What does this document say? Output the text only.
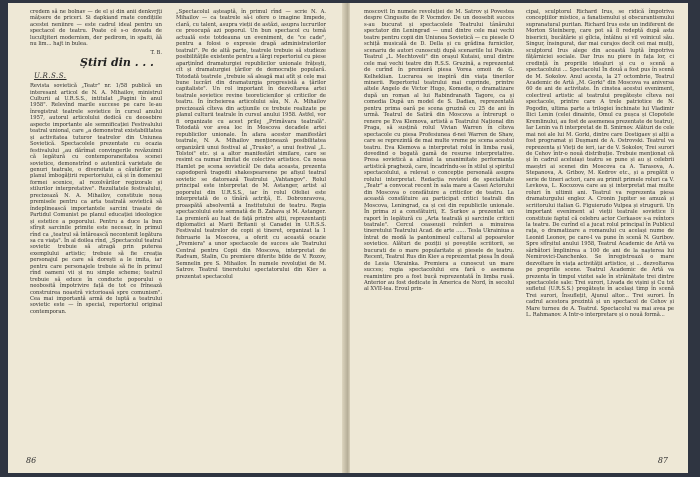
credem să ne bolnav — de el și din anii denkvrjți mâțsere de priceri. Si dapkiand rnate condițiile acestei neniinre — este cadrul ideal pentru un spectacol de teatru. Poate cê s-o dovada de lucultjiteri modernism, der pedirom, in spaiti, ăă nu lim... hajt in bulea.

T. B.
Știri din . . .
U.R.S.S.

Revista sovietică „Teatr" nr. 1/58 publică un interesant articol de N. A. Mihailov, ministrul Culturii al U.R.S.S., intitulat „Pagini în anul 1958". Relevînd marile succese pe care le-au înregistrat teatrele sovietice în cursul anului 1957, autorul articolului dedică cu deosebire aspecte importante ale semnificației Festivalului teatral unional, care „a demonstrat existabilitatea și activitatea tuturor teatrelor din Uniunea Sovietică. Spectacolele prezentate cu ocazia festivalului „au dărîmat convingerile revăzuimii că legătură cu contemporaneitatea scenei sovietice, demonstrînd o autentică varietate de genuri teatrale, o diversitate a căutărilor pe planul îmbogățirii repertoriului, că și în domeniul formei scenice, al rezolvărilor regizorale și stilurilor interpretative". Rezultatele festivalului, precizează N. A. Mihailov, constituie noua premisele pentru ca arta teatrală sovietică să îndeplinească importantele sarcini trasate de Partidul Comunist pe planul educației ideologice și estetice a poporului. Pentru a duce la bun sfîrșit sarcinile primite este necesar, în primul rînd ca „teatrul să întărească necontenit legătura sa cu viața". În al doilea rînd, „Spectacolul teatral sovietic trebuie să atragă prin puterea exemplului artistic; trebuie să fie creația personajul pe care să dorești a le imita, iar pentru care personajele trebuie să fie în primul rînd oameni vii și nu simple scheme; teatrul trebuie să educe în conducte poporului o neobosită împotrivire față de tot ce frînează construirea noastră victorioasă spre comunism". Cea mai importantă armă de luptă a teatrului sovietic este — în special, repertoriul original contemporan.

„Spectacolul așteaptă, în primul rînd — scrie N. A. Mihailov — ca teatrele să-i ofere o imagine limpede, clară, cu talent, asupra vieții de astăzi, asupra lucrurilor ce preocupă azi poporul. Un bun spectacol cu temă actuală este totdeauna un eveniment, de "ce cade", pentru a folosi o expresie dragă administratorilor teatrali". Pe de altă parte, teatrele trebuie să studieze posibilitățile existente pentru a lărgi repertoriul cu piese aparținînd dramaturgiei republicilor unionale frățești, cît și dramaturgiei țărilor de democrație populară. Totodată teatrele „trebuie să aleagă mai atît și cele mai bune lucrări din dramaturgia progresistă a țărilor capitaliste". Un rol important în dezvoltarea artei teatrale sovietice revine teoreticienilor și criticilor de teatru. În încheierea articolului său, N. A. Mihailov precizează cîteva din acțiunile ce trebuie realizate pe planul culturii teatrale în cursul anului 1958. Astfel, vor fi organizate cu acest prilej „Primăvara teatrală". Totodată vor avea loc în Moscova decadele artei republicilor unionale. În afara acestor manifestări teatrale, N. A. Mihailov menționează posibilitatea organizării unui festival al „Trusko", a unui festival „L. Tolstoi" etc. și a altor manifestări similare, care se resimt ca numar limitat de colective artistice. Cu noua Hamlet pe scena sovietică! De data aceasta, prezenta capodoperă tragedii shakespeareene pe afișul teatral sovietic se datorează Teatrului „Vahtangov". Rolul principal este interpretat de M. Astanger, artist al poporului din U.R.S.S., iar în rolul Ofeliei este interpretată de o tînără actriță, E. Dobronravova, proaspătă absolventă a Institutului de teatru. Regia spectacolului este semnată de B. Zahava și M. Astanger. La premieră au luat de față printre alții, reprezentanți diplomatici ai Marii Britanii și Canadei în U.R.S.S. Festivalul teatrelor de copii și tineret, organizat la 1 februarie la Moscova, a oferit cu această ocazie „Premiera" a unor spectacole de succes ale Teatrului Central pentru Copii din Moscova, interpretat de Radvam, Stalin, Cu premiere diferite bilde de V. Rozov, Semnelin pre S. Mihailov. În numele revoluției de M. Satrov. Teatrul tineretului spectatorului din Kiev a prezentat spectacolul

86

moscovit In numele revoluției de M. Satrov și Povestea despre Cingusite de P. Vocmdov. De un deosebit succes s-au bucurat și spectacolele Teatrului tânărului spectator din Leningrad — unul dintre cele mai vechi teatre pentru copii din Uniunea Sovietică — cu piesele O schiță musicală de D. Della și cu grădina furnicilor, scenariu de autori cunoscuți după scenariile lui Puskin. Teatrul „L. Mechtoveli" din orașul Kutaisi, unul dintre cele mai vechi teatre din R.S.S. Gruzină, a reprezentat de curînd în premieră piesa Vorea omoii de G. Kelheklian. Lucrarea se inspiră din viața tinerilor minerii. Repertoriul teatrului mai cuprinde, printre altele Angelo de Victor Hugo, Komedie, o dramatizare după un roman al lui Rabindranath Tagore, ca și comedia După un model de S. Dadian, reprezentată pentru prima oară pe scena gruzină cu 25 de ani în urmă. Teatrul de Satiră din Moscova a întrerupt o renere pe Eva Klemova, artistă a Teatrului Național din Praga, să susțină rolul Vivian Warren în cîteva spectacole cu piesa Profesiunea d-nei Warren de Shaw, care se reprezintă de mai multe vreme pe scena acestui teatru. Eva Klemova a interpretat rolul în limba rusă, dovedind o bogată gamă de resurse interpretative. Presa sovietică a aliniat la unanimitate performanța artistică pragheză, care, încadrîndu-se în stilul și spiritul spectacolului, a relevat o concepție personală asupra rolului interpretat. Redacția revistei de specialitate „Teatr" a convocat recent în sala mare a Casei Actorului din Moscova o consfătuire a criticilor de teatru. La această consfătuire au participat critici teatrali din Moscova, Leningrad, ca și cei din republicile unionale. În prima zi a consfătuirii, E. Surkov a prezentat un raport în legătură cu „Arta teatrală și sarcinile criticii teatrale". Cercul ceaseușii reînferi a minuirea tineretului Teatrului Acad. de arte ...... Tesla Ukrainiua a întrat de modă la pantonimeul cultural al popoarelor sovietice. Alături de poziții și poveștile scriitorii, se bucurati de o mare popularitate și piesele de teatru. Recent, Teatrul Rus din Kiev a reprezentat piesa În două de Lesia Ukrainka. Premiera a cunoscut un mare succes; regia spectacolului era fară o asemena reamintire pro a fost bucă reprezentată în limba rusă. Anterior au fost dedicate în America de Nord, în secolul al XVII-lea. Eroul prin-

cipal, sculptorul Richard Irus, se ridică împotriva concepțiilor mistice, a fanatismului și obscurantismului supranatural puritan. Richard Irus este un indiferent de Morton Steinberg, care pot să îl redeptă după asta bisericii, bucătărie și gîlcia, întâlnu și vil voinicul său. Singur, însingurat, dar mai curajos decît cei mai mulți, sculptorul Irus alege din această luptă împotriva fățărniciei sociale. Dar Irus nu piere în fața lor, ci credință în propriile idealuri și cu o scenă a spectacolului ... Spectacolul În două a fost pus în scenă de M. Sokolov. Anul acesta, la 27 octombrie, Teatrul Academic de Artă „M. Gorki" din Moscova va aniversa 60 de ani de activitate. În cinstea acestui eveniment, colectivul artistic al teatrului pregătește cîteva noi spectacole, printre care A trele patriotice de N. Pogodin, ultima parte a trilogiei închinate lui Vladimir Ilici Lenin (celei dinainte, Omul cu pușca și Clopotele Kremlinului, au fost de asemenea prezentate de teatru), Iar Lenin va fi interpretat de B. Smirnov. Alături de cele mai noi ale lui M. Gorki, dintre care Dostigaev și alții a fost programat și Dușmani de A. Ostrovski. Teatrul va reprezenta și Vieți de ieri, iar de V. Sokolov, Trei surori de Cehov într-o nouă distribuție. Trebuie menționat că și în cadrul aceluiași teatru se pune și au și celebrii maeștri ai scenei din Moscova ca A. Tarasova, A. Stepanova, A. Gribov, M. Kedrov etc., și a pregătit o serie de tineri actori, care au primit primele roluri ca V. Levkova, L. Kocozova care au și interpretat mai multe roluri în ultimii ani. Teatrul va reprezenta piesa dramaturgului englez A. Cronin Jupiter se amuză și scriitorului italian G. Figuierudo Vulpea și strugurii. Un important eveniment al vieții teatrale sovietice îl constituie faptul că celebru actor Cerkasov s-a reîntors la teatru. De curînd el a jucat rolul principal în Publicul rața, o dramatizare a romanului cu același nume de Leonid Leonov, pe care-l va pune în scenă N. Guribov. Spre sfîrșitul anului 1958, Teatrul Academic de Artă va sărbători împlinirea a 100 de ani de la nașterea lui Nemirovici-Danchenko. Se înregistrează o mare dezvoltare în viața activității artistice, și ... dezvoltarea pe propriile scene. Teatrul Academic de Artă va prezenta în timpul vizitei sale în străinătate trei dintre spectacolele sale: Trei surori, Livada de vișini și Cu tot sufletul (U.R.S.S.) pregătește în același timp în scenă Trei surori, Însuflețit, Ajunul altor... Trei surori. În cadrul acestora prezintă și un spectacol de Cehov și Mare turneu de A. Teatrul. Spectacolul va mai avea pe L. Rahmanov. A Intr-o interpretare și o nouă formă...

87
